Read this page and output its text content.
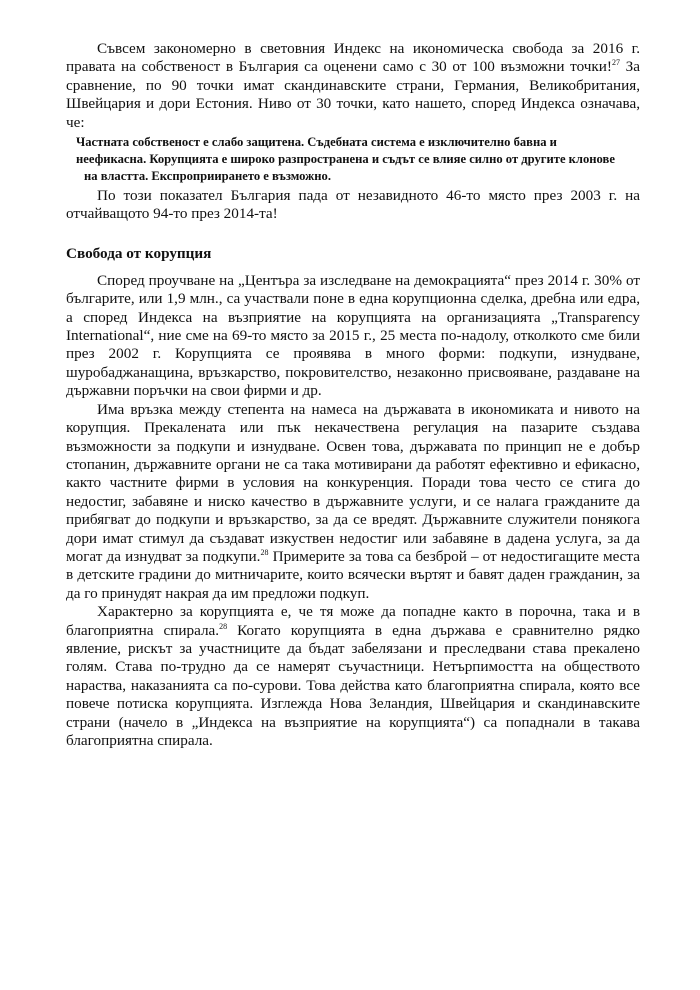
Съвсем закономерно в световния Индекс на икономическа свобода за 2016 г. правата на собственост в България са оценени само с 30 от 100 възможни точки!$^{27}$ За сравнение, по 90 точки имат скандинавските страни, Германия, Великобритания, Швейцария и дори Естония. Ниво от 30 точки, като нашето, според Индекса означава, че:

Частната собственост е слабо защитена. Съдебната система е изключително бавна и
неефикасна. Корупцията е широко разпространена и съдът се влияе силно от другите клонове
на властта. Експроприирането е възможно.

По този показател България пада от незавидното 46-то място през 2003 г. на отчайващото 94-то през 2014-та!

Свобода от корупция

Според проучване на „Центъра за изследване на демокрацията“ през 2014 г. 30% от българите, или 1,9 млн., са участвали поне в една корупционна сделка, дребна или едра, а според Индекса на възприятие на корупцията на организацията „Transparency International“, ние сме на 69-то място за 2015 г., 25 места по-надолу, отколкото сме били през 2002 г. Корупцията се проявява в много форми: подкупи, изнудване, шуробаджанащина, връзкарство, покровителство, незаконно присвояване, раздаване на държавни поръчки на свои фирми и др.

Има връзка между степента на намеса на държавата в икономиката и нивото на корупция. Прекалената или пък некачествена регулация на пазарите създава възможности за подкупи и изнудване. Освен това, държавата по принцип не е добър стопанин, държавните органи не са така мотивирани да работят ефективно и ефикасно, както частните фирми в условия на конкуренция. Поради това често се стига до недостиг, забавяне и ниско качество в държавните услуги, и се налага гражданите да прибягват до подкупи и връзкарство, за да се вредят. Държавните служители понякога дори имат стимул да създават изкуствен недостиг или забавяне в дадена услуга, за да могат да изнудват за подкупи.$^{28}$ Примерите за това са безброй – от недостигащите места в детските градини до митничарите, които всячески въртят и бавят даден гражданин, за да го принудят накрая да им предложи подкуп.

Характерно за корупцията е, че тя може да попадне както в порочна, така и в благоприятна спирала.$^{28}$ Когато корупцията в една държава е сравнително рядко явление, рискът за участниците да бъдат забелязани и преследвани става прекалено голям. Става по-трудно да се намерят съучастници. Нетърпимостта на обществото нараства, наказанията са по-сурови. Това действа като благоприятна спирала, която все повече потиска корупцията. Изглежда Нова Зеландия, Швейцария и скандинавските страни (начело в „Индекса на възприятие на корупцията“) са попаднали в такава благоприятна спирала.
